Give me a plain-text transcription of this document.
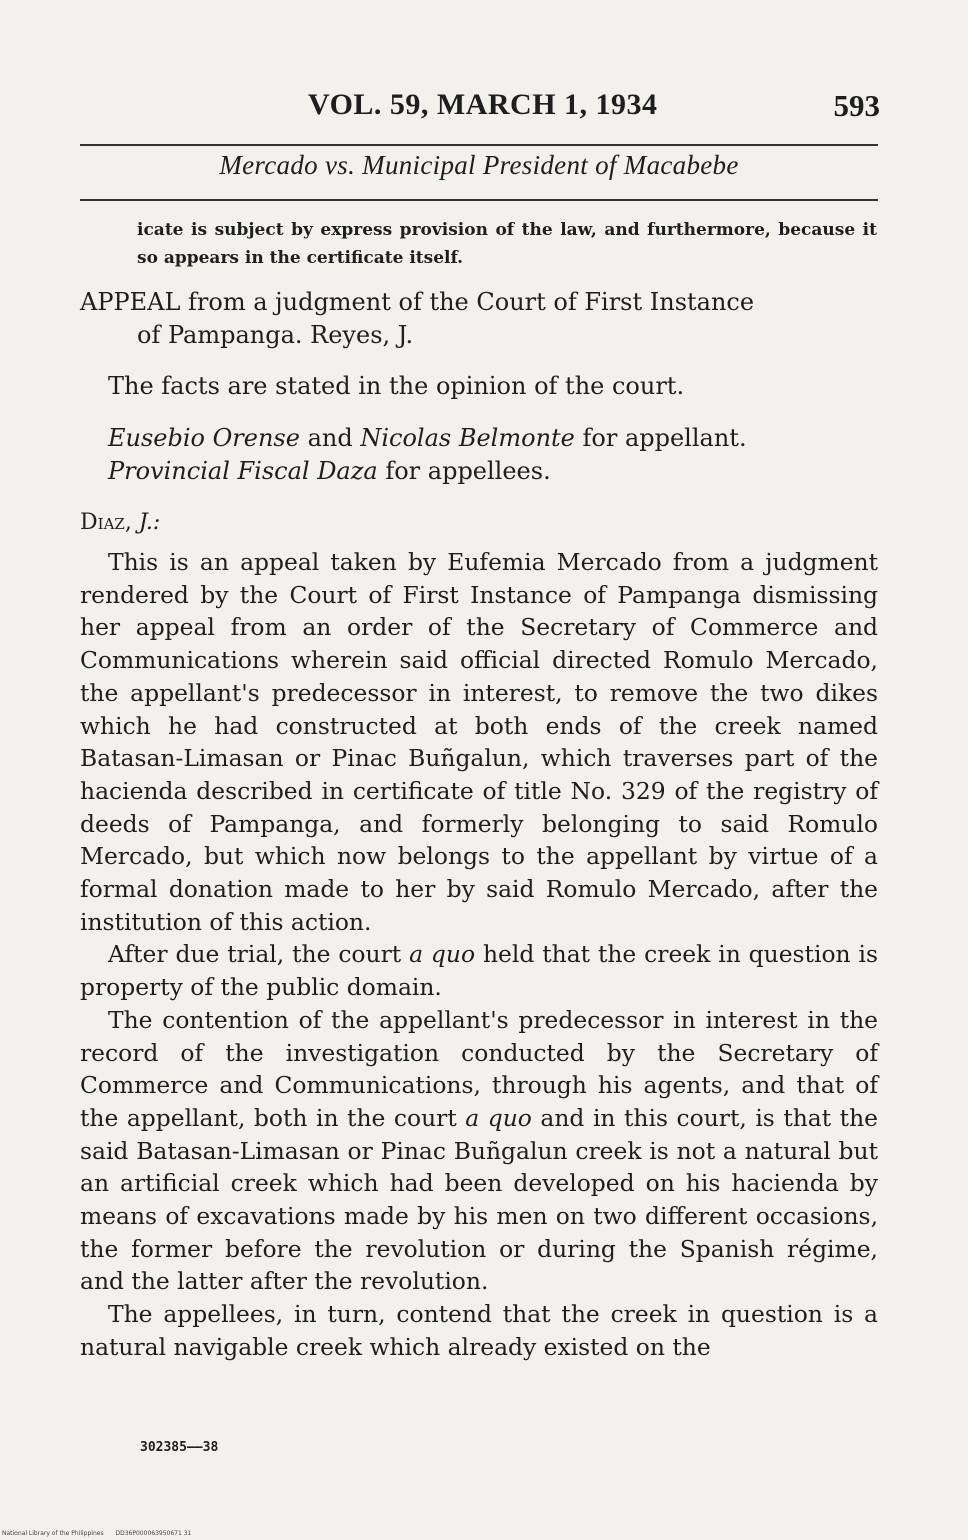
VOL. 59, MARCH 1, 1934	593
Mercado vs. Municipal President of Macabebe

icate is subject by express provision of the law, and furthermore, because it so appears in the certificate itself.

APPEAL from a judgment of the Court of First Instance
of Pampanga. Reyes, J.
The facts are stated in the opinion of the court.

Eusebio Orense and Nicolas Belmonte for appellant.

Provincial Fiscal Daza for appellees.

Diaz, J.:

This is an appeal taken by Eufemia Mercado from a judgment rendered by the Court of First Instance of Pampanga dismissing her appeal from an order of the Secretary of Commerce and Communications wherein said official directed Romulo Mercado, the appellant's predecessor in interest, to remove the two dikes which he had constructed at both ends of the creek named Batasan-Limasan or Pinac Buñgalun, which traverses part of the hacienda described in certificate of title No. 329 of the registry of deeds of Pampanga, and formerly belonging to said Romulo Mercado, but which now belongs to the appellant by virtue of a formal donation made to her by said Romulo Mercado, after the institution of this action.

After due trial, the court a quo held that the creek in question is property of the public domain.

The contention of the appellant's predecessor in interest in the record of the investigation conducted by the Secretary of Commerce and Communications, through his agents, and that of the appellant, both in the court a quo and in this court, is that the said Batasan-Limasan or Pinac Buñgalun creek is not a natural but an artificial creek which had been developed on his hacienda by means of excavations made by his men on two different occasions, the former before the revolution or during the Spanish régime, and the latter after the revolution.

The appellees, in turn, contend that the creek in question is a natural navigable creek which already existed on the

302385——38
National Library of the Philippines DD36P000063950671 31
